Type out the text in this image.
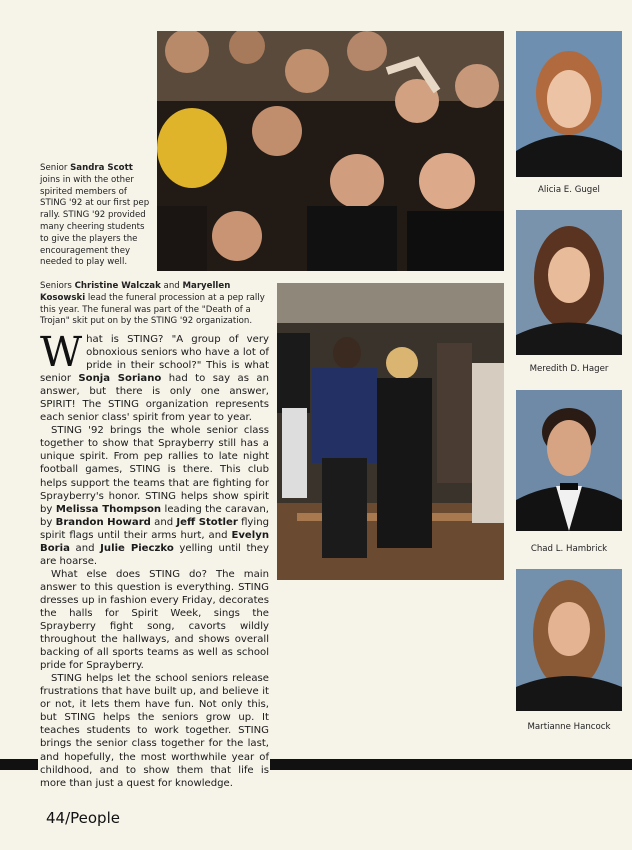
Senior Sandra Scott joins in with the other spirited members of STING '92 at our first pep rally. STING '92 provided many cheering students to give the players the encouragement they needed to play well.
Seniors Christine Walczak and Maryellen Kosowski lead the funeral procession at a pep rally this year. The funeral was part of the "Death of a Trojan" skit put on by the STING '92 organization.

What is STING? "A group of very obnoxious seniors who have a lot of pride in their school?" This is what senior Sonja Soriano had to say as an answer, but there is only one answer, SPIRIT! The STING organization represents each senior class' spirit from year to year.

STING '92 brings the whole senior class together to show that Sprayberry still has a unique spirit. From pep rallies to late night football games, STING is there. This club helps support the teams that are fighting for Sprayberry's honor. STING helps show spirit by Melissa Thompson leading the caravan, by Brandon Howard and Jeff Stotler flying spirit flags until their arms hurt, and Evelyn Boria and Julie Pieczko yelling until they are hoarse.

What else does STING do? The main answer to this question is everything. STING dresses up in fashion every Friday, decorates the halls for Spirit Week, sings the Sprayberry fight song, cavorts wildly throughout the hallways, and shows overall backing of all sports teams as well as school pride for Sprayberry.

STING helps let the school seniors release frustrations that have built up, and believe it or not, it lets them have fun. Not only this, but STING helps the seniors grow up. It teaches students to work together. STING brings the senior class together for the last, and hopefully, the most worthwhile year of childhood, and to show them that life is more than just a quest for knowledge.

Alicia E. Gugel
Meredith D. Hager
Chad L. Hambrick
Martianne Hancock
44/People
